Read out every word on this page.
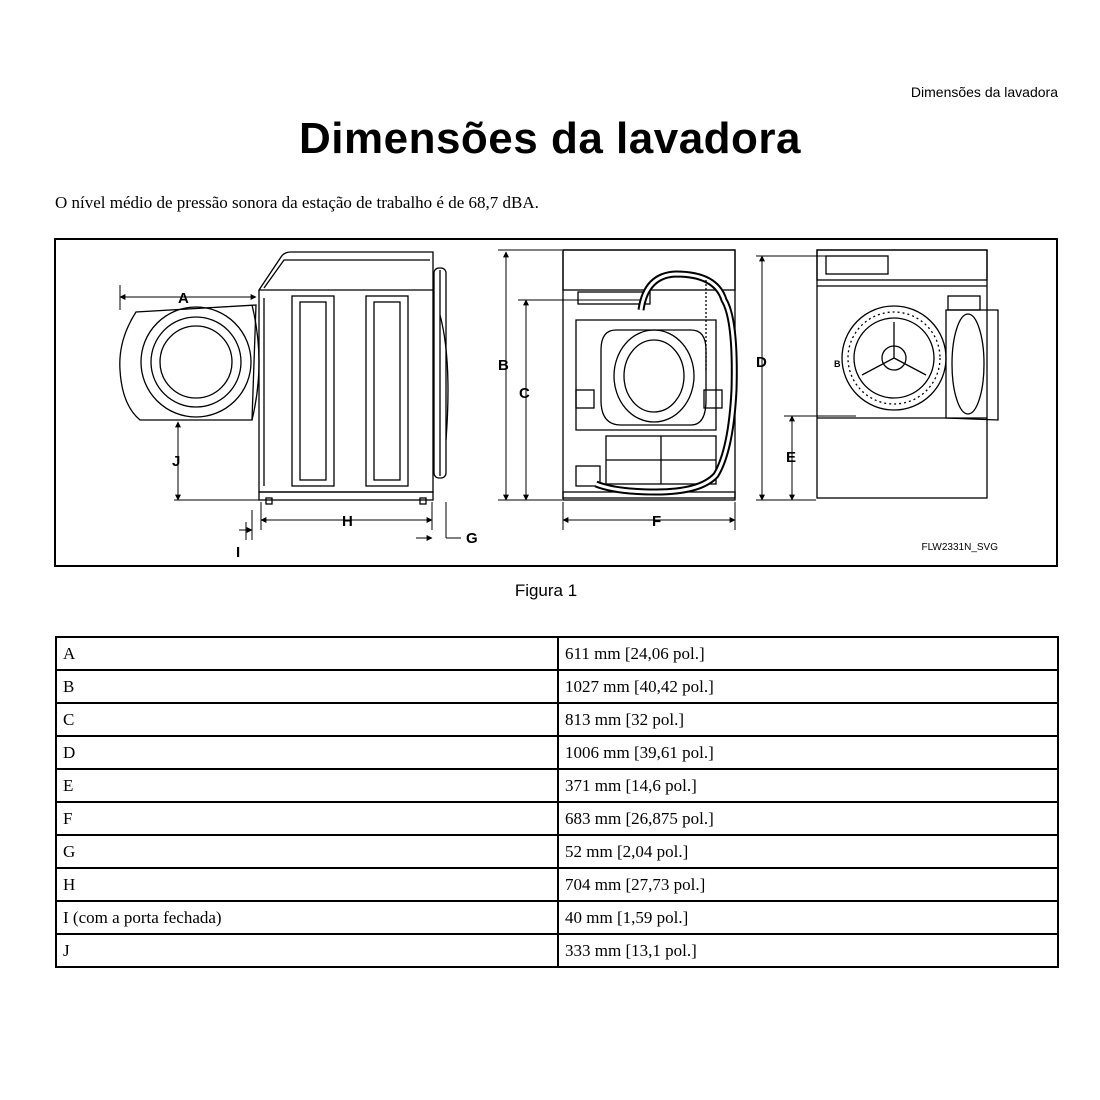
Dimensões da lavadora
Dimensões da lavadora

O nível médio de pressão sonora da estação de trabalho é de 68,7 dBA.

A
J
H
I
G
B
C
F
D
E
B
FLW2331N_SVG
Figura 1
A	611 mm [24,06 pol.]
B	1027 mm [40,42 pol.]
C	813 mm [32 pol.]
D	1006 mm [39,61 pol.]
E	371 mm [14,6 pol.]
F	683 mm [26,875 pol.]
G	52 mm [2,04 pol.]
H	704 mm [27,73 pol.]
I (com a porta fechada)	40 mm [1,59 pol.]
J	333 mm [13,1 pol.]
